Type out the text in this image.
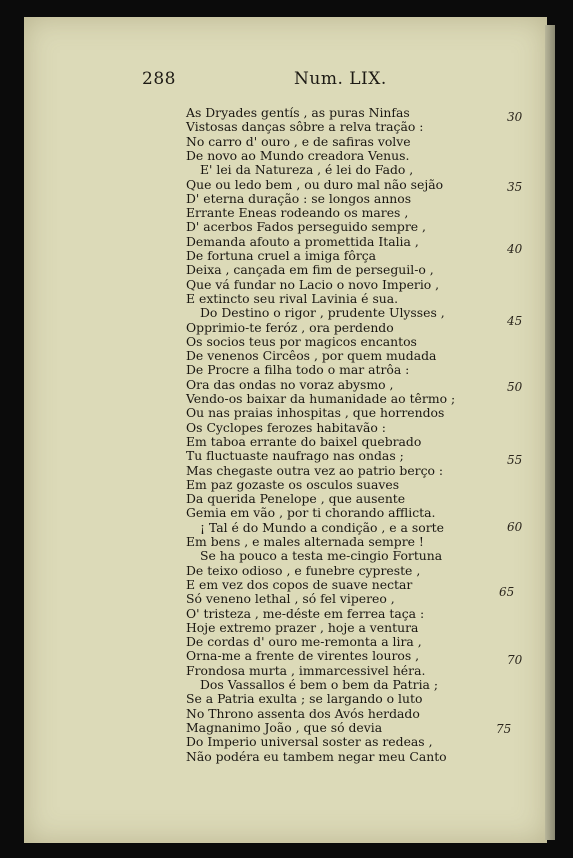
288	Num. LIX.
As Dryades gentís , as puras Ninfas
Vistosas danças sôbre a relva tração :
No carro d' ouro , e de safiras volve
De novo ao Mundo creadora Venus.
E' lei da Natureza , é lei do Fado ,
Que ou ledo bem , ou duro mal não sejão
D' eterna duração : se longos annos
Errante Eneas rodeando os mares ,
D' acerbos Fados perseguido sempre ,
Demanda afouto a promettida Italia ,
De fortuna cruel a imiga fôrça
Deixa , cançada em fim de perseguil-o ,
Que vá fundar no Lacio o novo Imperio ,
E extincto seu rival Lavinia é sua.
Do Destino o rigor , prudente Ulysses ,
Opprimio-te feróz , ora perdendo
Os socios teus por magicos encantos
De venenos Circêos , por quem mudada
De Procre a filha todo o mar atrôa :
Ora das ondas no voraz abysmo ,
Vendo-os baixar da humanidade ao têrmo ;
Ou nas praias inhospitas , que horrendos
Os Cyclopes ferozes habitavão :
Em taboa errante do baixel quebrado
Tu fluctuaste naufrago nas ondas ;
Mas chegaste outra vez ao patrio berço :
Em paz gozaste os osculos suaves
Da querida Penelope , que ausente
Gemia em vão , por ti chorando afflicta.
¡ Tal é do Mundo a condição , e a sorte
Em bens , e males alternada sempre !
Se ha pouco a testa me-cingio Fortuna
De teixo odioso , e funebre cypreste ,
E em vez dos copos de suave nectar
Só veneno lethal , só fel vipereo ,
O' tristeza , me-déste em ferrea taça :
Hoje extremo prazer , hoje a ventura
De cordas d' ouro me-remonta a lira ,
Orna-me a frente de virentes louros ,
Frondosa murta , immarcessivel héra.
Dos Vassallos é bem o bem da Patria ;
Se a Patria exulta ; se largando o luto
No Throno assenta dos Avós herdado
Magnanimo João , que só devia
Do Imperio universal soster as redeas ,
Não podéra eu tambem negar meu Canto
30
35
40
45
50
55
60
65
70
75
